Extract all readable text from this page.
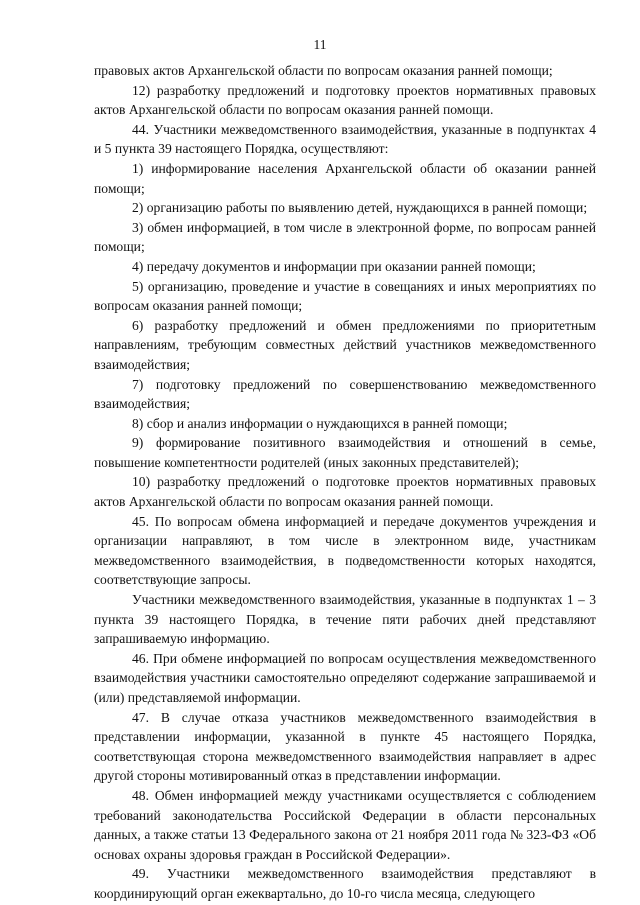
11

правовых актов Архангельской области по вопросам оказания ранней помощи;

12) разработку предложений и подготовку проектов нормативных правовых актов Архангельской области по вопросам оказания ранней помощи.

44. Участники межведомственного взаимодействия, указанные в подпунктах 4 и 5 пункта 39 настоящего Порядка, осуществляют:

1) информирование населения Архангельской области об оказании ранней помощи;

2) организацию работы по выявлению детей, нуждающихся в ранней помощи;

3) обмен информацией, в том числе в электронной форме, по вопросам ранней помощи;

4) передачу документов и информации при оказании ранней помощи;

5) организацию, проведение и участие в совещаниях и иных мероприятиях по вопросам оказания ранней помощи;

6) разработку предложений и обмен предложениями по приоритетным направлениям, требующим совместных действий участников межведомственного взаимодействия;

7) подготовку предложений по совершенствованию межведомственного взаимодействия;

8) сбор и анализ информации о нуждающихся в ранней помощи;

9) формирование позитивного взаимодействия и отношений в семье, повышение компетентности родителей (иных законных представителей);

10) разработку предложений о подготовке проектов нормативных правовых актов Архангельской области по вопросам оказания ранней помощи.

45. По вопросам обмена информацией и передаче документов учреждения и организации направляют, в том числе в электронном виде, участникам межведомственного взаимодействия, в подведомственности которых находятся, соответствующие запросы.

Участники межведомственного взаимодействия, указанные в подпунктах 1 – 3 пункта 39 настоящего Порядка, в течение пяти рабочих дней представляют запрашиваемую информацию.

46. При обмене информацией по вопросам осуществления межведомственного взаимодействия участники самостоятельно определяют содержание запрашиваемой и (или) представляемой информации.

47. В случае отказа участников межведомственного взаимодействия в представлении информации, указанной в пункте 45 настоящего Порядка, соответствующая сторона межведомственного взаимодействия направляет в адрес другой стороны мотивированный отказ в представлении информации.

48. Обмен информацией между участниками осуществляется с соблюдением требований законодательства Российской Федерации в области персональных данных, а также статьи 13 Федерального закона от 21 ноября 2011 года № 323-ФЗ «Об основах охраны здоровья граждан в Российской Федерации».

49. Участники межведомственного взаимодействия представляют в координирующий орган ежеквартально, до 10-го числа месяца, следующего
